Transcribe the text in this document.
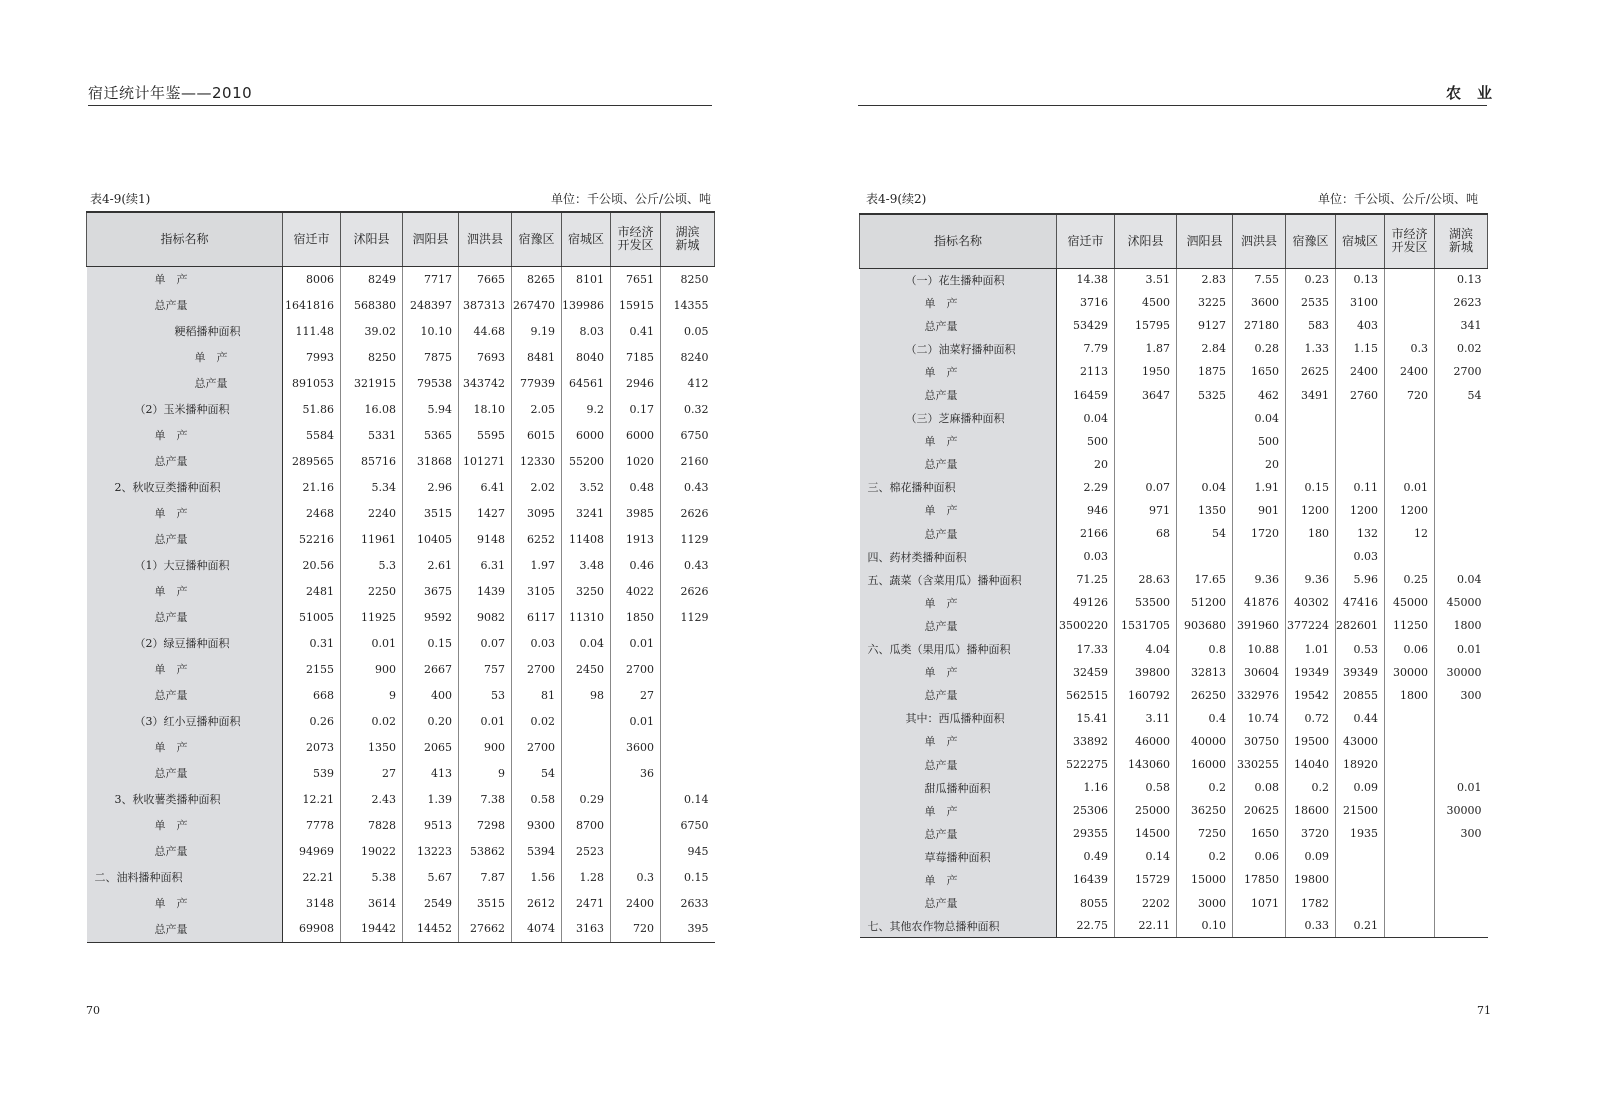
宿迁统计年鉴——2010
表4-9(续1)	单位：千公顷、公斤/公顷、吨
指标名称	宿迁市	沭阳县	泗阳县	泗洪县	宿豫区	宿城区	市经济开发区	湖滨新城
单　产	8006	8249	7717	7665	8265	8101	7651	8250
总产量	1641816	568380	248397	387313	267470	139986	15915	14355
粳稻播种面积	111.48	39.02	10.10	44.68	9.19	8.03	0.41	0.05
单　产	7993	8250	7875	7693	8481	8040	7185	8240
总产量	891053	321915	79538	343742	77939	64561	2946	412
（2）玉米播种面积	51.86	16.08	5.94	18.10	2.05	9.2	0.17	0.32
单　产	5584	5331	5365	5595	6015	6000	6000	6750
总产量	289565	85716	31868	101271	12330	55200	1020	2160
2、秋收豆类播种面积	21.16	5.34	2.96	6.41	2.02	3.52	0.48	0.43
单　产	2468	2240	3515	1427	3095	3241	3985	2626
总产量	52216	11961	10405	9148	6252	11408	1913	1129
（1）大豆播种面积	20.56	5.3	2.61	6.31	1.97	3.48	0.46	0.43
单　产	2481	2250	3675	1439	3105	3250	4022	2626
总产量	51005	11925	9592	9082	6117	11310	1850	1129
（2）绿豆播种面积	0.31	0.01	0.15	0.07	0.03	0.04	0.01	
单　产	2155	900	2667	757	2700	2450	2700	
总产量	668	9	400	53	81	98	27	
（3）红小豆播种面积	0.26	0.02	0.20	0.01	0.02		0.01	
单　产	2073	1350	2065	900	2700		3600	
总产量	539	27	413	9	54		36	
3、秋收薯类播种面积	12.21	2.43	1.39	7.38	0.58	0.29		0.14
单　产	7778	7828	9513	7298	9300	8700		6750
总产量	94969	19022	13223	53862	5394	2523		945
二、油料播种面积	22.21	5.38	5.67	7.87	1.56	1.28	0.3	0.15
单　产	3148	3614	2549	3515	2612	2471	2400	2633
总产量	69908	19442	14452	27662	4074	3163	720	395
70
农　业
表4-9(续2)	单位：千公顷、公斤/公顷、吨
指标名称	宿迁市	沭阳县	泗阳县	泗洪县	宿豫区	宿城区	市经济开发区	湖滨新城
（一）花生播种面积	14.38	3.51	2.83	7.55	0.23	0.13		0.13
单　产	3716	4500	3225	3600	2535	3100		2623
总产量	53429	15795	9127	27180	583	403		341
（二）油菜籽播种面积	7.79	1.87	2.84	0.28	1.33	1.15	0.3	0.02
单　产	2113	1950	1875	1650	2625	2400	2400	2700
总产量	16459	3647	5325	462	3491	2760	720	54
（三）芝麻播种面积	0.04			0.04				
单　产	500			500				
总产量	20			20				
三、棉花播种面积	2.29	0.07	0.04	1.91	0.15	0.11	0.01	
单　产	946	971	1350	901	1200	1200	1200	
总产量	2166	68	54	1720	180	132	12	
四、药材类播种面积	0.03					0.03		
五、蔬菜（含菜用瓜）播种面积	71.25	28.63	17.65	9.36	9.36	5.96	0.25	0.04
单　产	49126	53500	51200	41876	40302	47416	45000	45000
总产量	3500220	1531705	903680	391960	377224	282601	11250	1800
六、瓜类（果用瓜）播种面积	17.33	4.04	0.8	10.88	1.01	0.53	0.06	0.01
单　产	32459	39800	32813	30604	19349	39349	30000	30000
总产量	562515	160792	26250	332976	19542	20855	1800	300
其中：西瓜播种面积	15.41	3.11	0.4	10.74	0.72	0.44		
单　产	33892	46000	40000	30750	19500	43000		
总产量	522275	143060	16000	330255	14040	18920		
甜瓜播种面积	1.16	0.58	0.2	0.08	0.2	0.09		0.01
单　产	25306	25000	36250	20625	18600	21500		30000
总产量	29355	14500	7250	1650	3720	1935		300
草莓播种面积	0.49	0.14	0.2	0.06	0.09			
单　产	16439	15729	15000	17850	19800			
总产量	8055	2202	3000	1071	1782			
七、其他农作物总播种面积	22.75	22.11	0.10		0.33	0.21		
71
